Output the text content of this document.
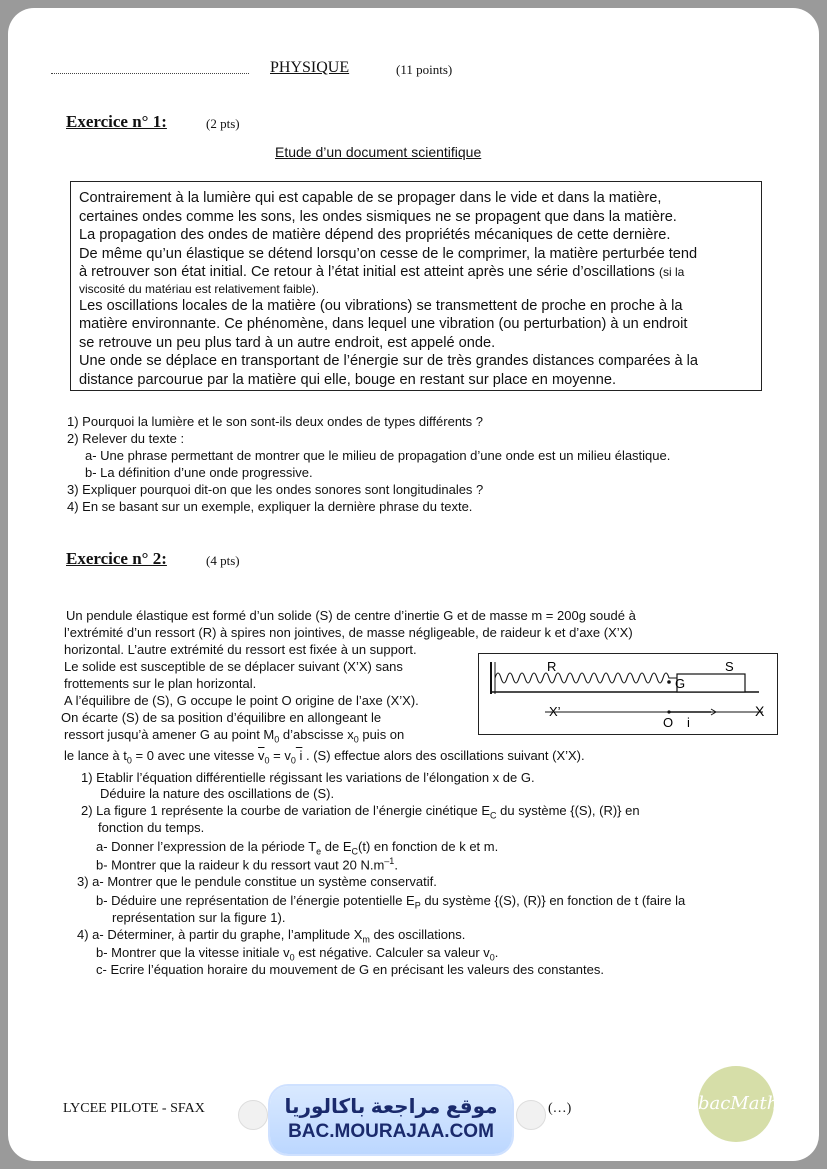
PHYSIQUE	(11 points)
Exercice n° 1:	(2 pts)
Etude d’un document scientifique

Contrairement à la lumière qui est capable de se propager dans le vide et dans la matière,

certaines ondes comme les sons, les ondes sismiques ne se propagent que dans la matière.

La propagation des ondes de matière dépend des propriétés mécaniques de cette dernière.

De même qu’un élastique se détend lorsqu’on cesse de le comprimer, la matière perturbée tend

à retrouver son état initial. Ce retour à l’état initial est atteint après une série d’oscillations (si la

viscosité du matériau est relativement faible).

Les oscillations locales de la matière (ou vibrations) se transmettent de proche en proche à la

matière environnante. Ce phénomène, dans lequel une vibration (ou perturbation) à un endroit

se retrouve un peu plus tard à un autre endroit, est appelé onde.

Une onde se déplace en transportant de l’énergie sur de très grandes distances comparées à la

distance parcourue par la matière qui elle, bouge en restant sur place en moyenne.

1) Pourquoi la lumière et le son sont-ils deux ondes de types différents ?
2) Relever du texte :
a- Une phrase permettant de montrer que le milieu de propagation d’une onde est un milieu élastique.
b- La définition d’une onde progressive.
3) Expliquer pourquoi dit-on que les ondes sonores sont longitudinales ?
4) En se basant sur un exemple, expliquer la dernière phrase du texte.
Exercice n° 2:	(4 pts)
Un pendule élastique est formé d’un solide (S) de centre d’inertie G et de masse m = 200g soudé à
l’extrémité d’un ressort (R) à spires non jointives, de masse négligeable, de raideur k et d’axe (X’X)
horizontal. L’autre extrémité du ressort est fixée à un support.
Le solide est susceptible de se déplacer suivant (X’X) sans
frottements sur le plan horizontal.
A l’équilibre de (S), G occupe le point O origine de l’axe (X’X).
On écarte (S) de sa position d’équilibre en allongeant le
ressort jusqu’à amener G au point $M_0$ d’abscisse $x_0$ puis on
le lance à $t_0 = 0$ avec une vitesse $\overline{v}_0 = v_0$ i . (S) effectue alors des oscillations suivant (X’X).
R	S
G
X’
O i
X
1) Etablir l’équation différentielle régissant les variations de l’élongation x de G.
Déduire la nature des oscillations de (S).
2) La figure 1 représente la courbe de variation de l’énergie cinétique $E_C$ du système {(S), (R)} en
fonction du temps.
a- Donner l’expression de la période $T_e$ de $E_C(t)$ en fonction de k et m.
b- Montrer que la raideur k du ressort vaut 20 $N.m^{-1}$.
3) a- Montrer que le pendule constitue un système conservatif.
b- Déduire une représentation de l’énergie potentielle $E_P$ du système {(S), (R)} en fonction de t (faire la
représentation sur la figure 1).
4) a- Déterminer, à partir du graphe, l’amplitude $X_m$ des oscillations.
b- Montrer que la vitesse initiale $v_0$ est négative. Calculer sa valeur $v_0$.
c- Ecrire l’équation horaire du mouvement de G en précisant les valeurs des constantes.
LYCEE PILOTE - SFAX	(…)
موقع مراجعة باكالوريا
BAC.MOURAJAA.COM
bacMath
